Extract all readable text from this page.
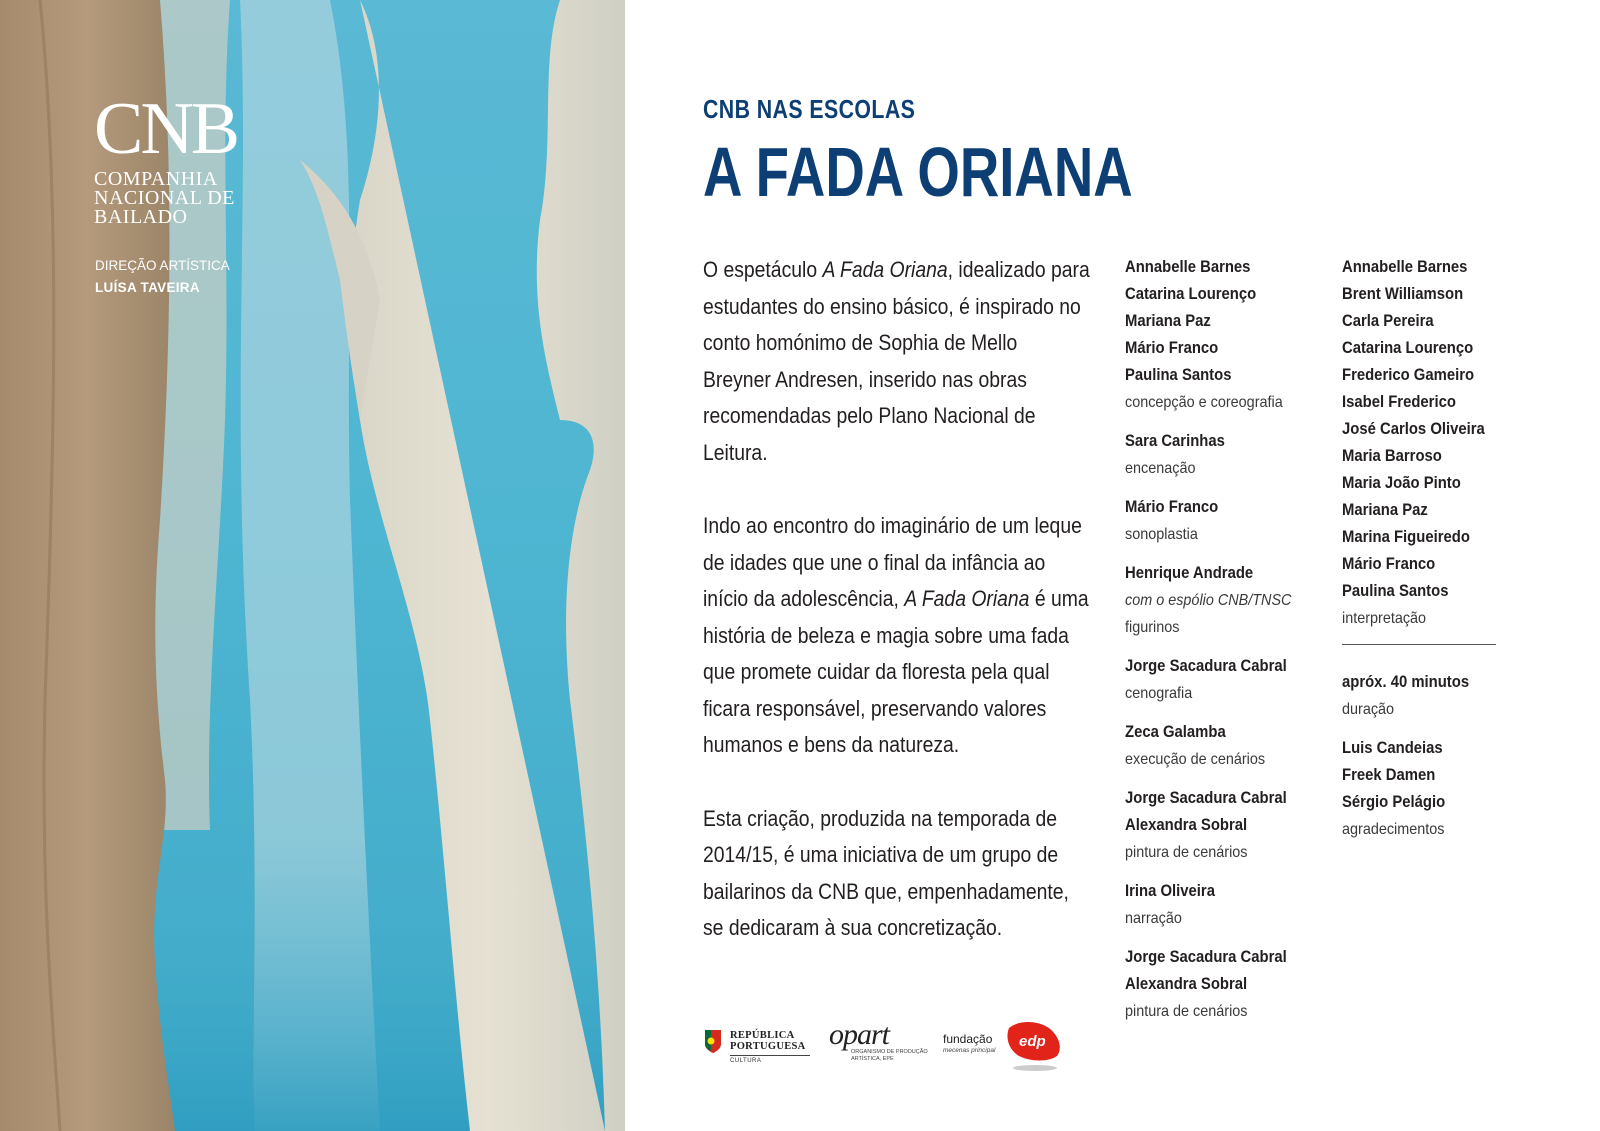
CNB
COMPANHIA NACIONAL DE BAILADO
DIREÇÃO ARTÍSTICA
LUÍSA TAVEIRA
CNB NAS ESCOLAS
A FADA ORIANA

O espetáculo A Fada Oriana, idealizado para estudantes do ensino básico, é inspirado no conto homónimo de Sophia de Mello Breyner Andresen, inserido nas obras recomendadas pelo Plano Nacional de Leitura.

Indo ao encontro do imaginário de um leque de idades que une o final da infância ao início da adolescência, A Fada Oriana é uma história de beleza e magia sobre uma fada que promete cuidar da floresta pela qual ficara responsável, preservando valores humanos e bens da natureza.

Esta criação, produzida na temporada de 2014/15, é uma iniciativa de um grupo de bailarinos da CNB que, empenhadamente, se dedicaram à sua concretização.

Annabelle Barnes
Catarina Lourenço
Mariana Paz
Mário Franco
Paulina Santos
concepção e coreografia
Sara Carinhas
encenação
Mário Franco
sonoplastia
Henrique Andrade
com o espólio CNB/TNSC
figurinos
Jorge Sacadura Cabral
cenografia
Zeca Galamba
execução de cenários
Jorge Sacadura Cabral
Alexandra Sobral
pintura de cenários
Irina Oliveira
narração
Jorge Sacadura Cabral
Alexandra Sobral
pintura de cenários
Annabelle Barnes
Brent Williamson
Carla Pereira
Catarina Lourenço
Frederico Gameiro
Isabel Frederico
José Carlos Oliveira
Maria Barroso
Maria João Pinto
Mariana Paz
Marina Figueiredo
Mário Franco
Paulina Santos
interpretação
apróx. 40 minutos
duração
Luis Candeias
Freek Damen
Sérgio Pelágio
agradecimentos
REPÚBLICA
PORTUGUESA
CULTURA
opart
ORGANISMO DE PRODUÇÃO ARTÍSTICA, EPE
fundação
mecenas principal
edp
